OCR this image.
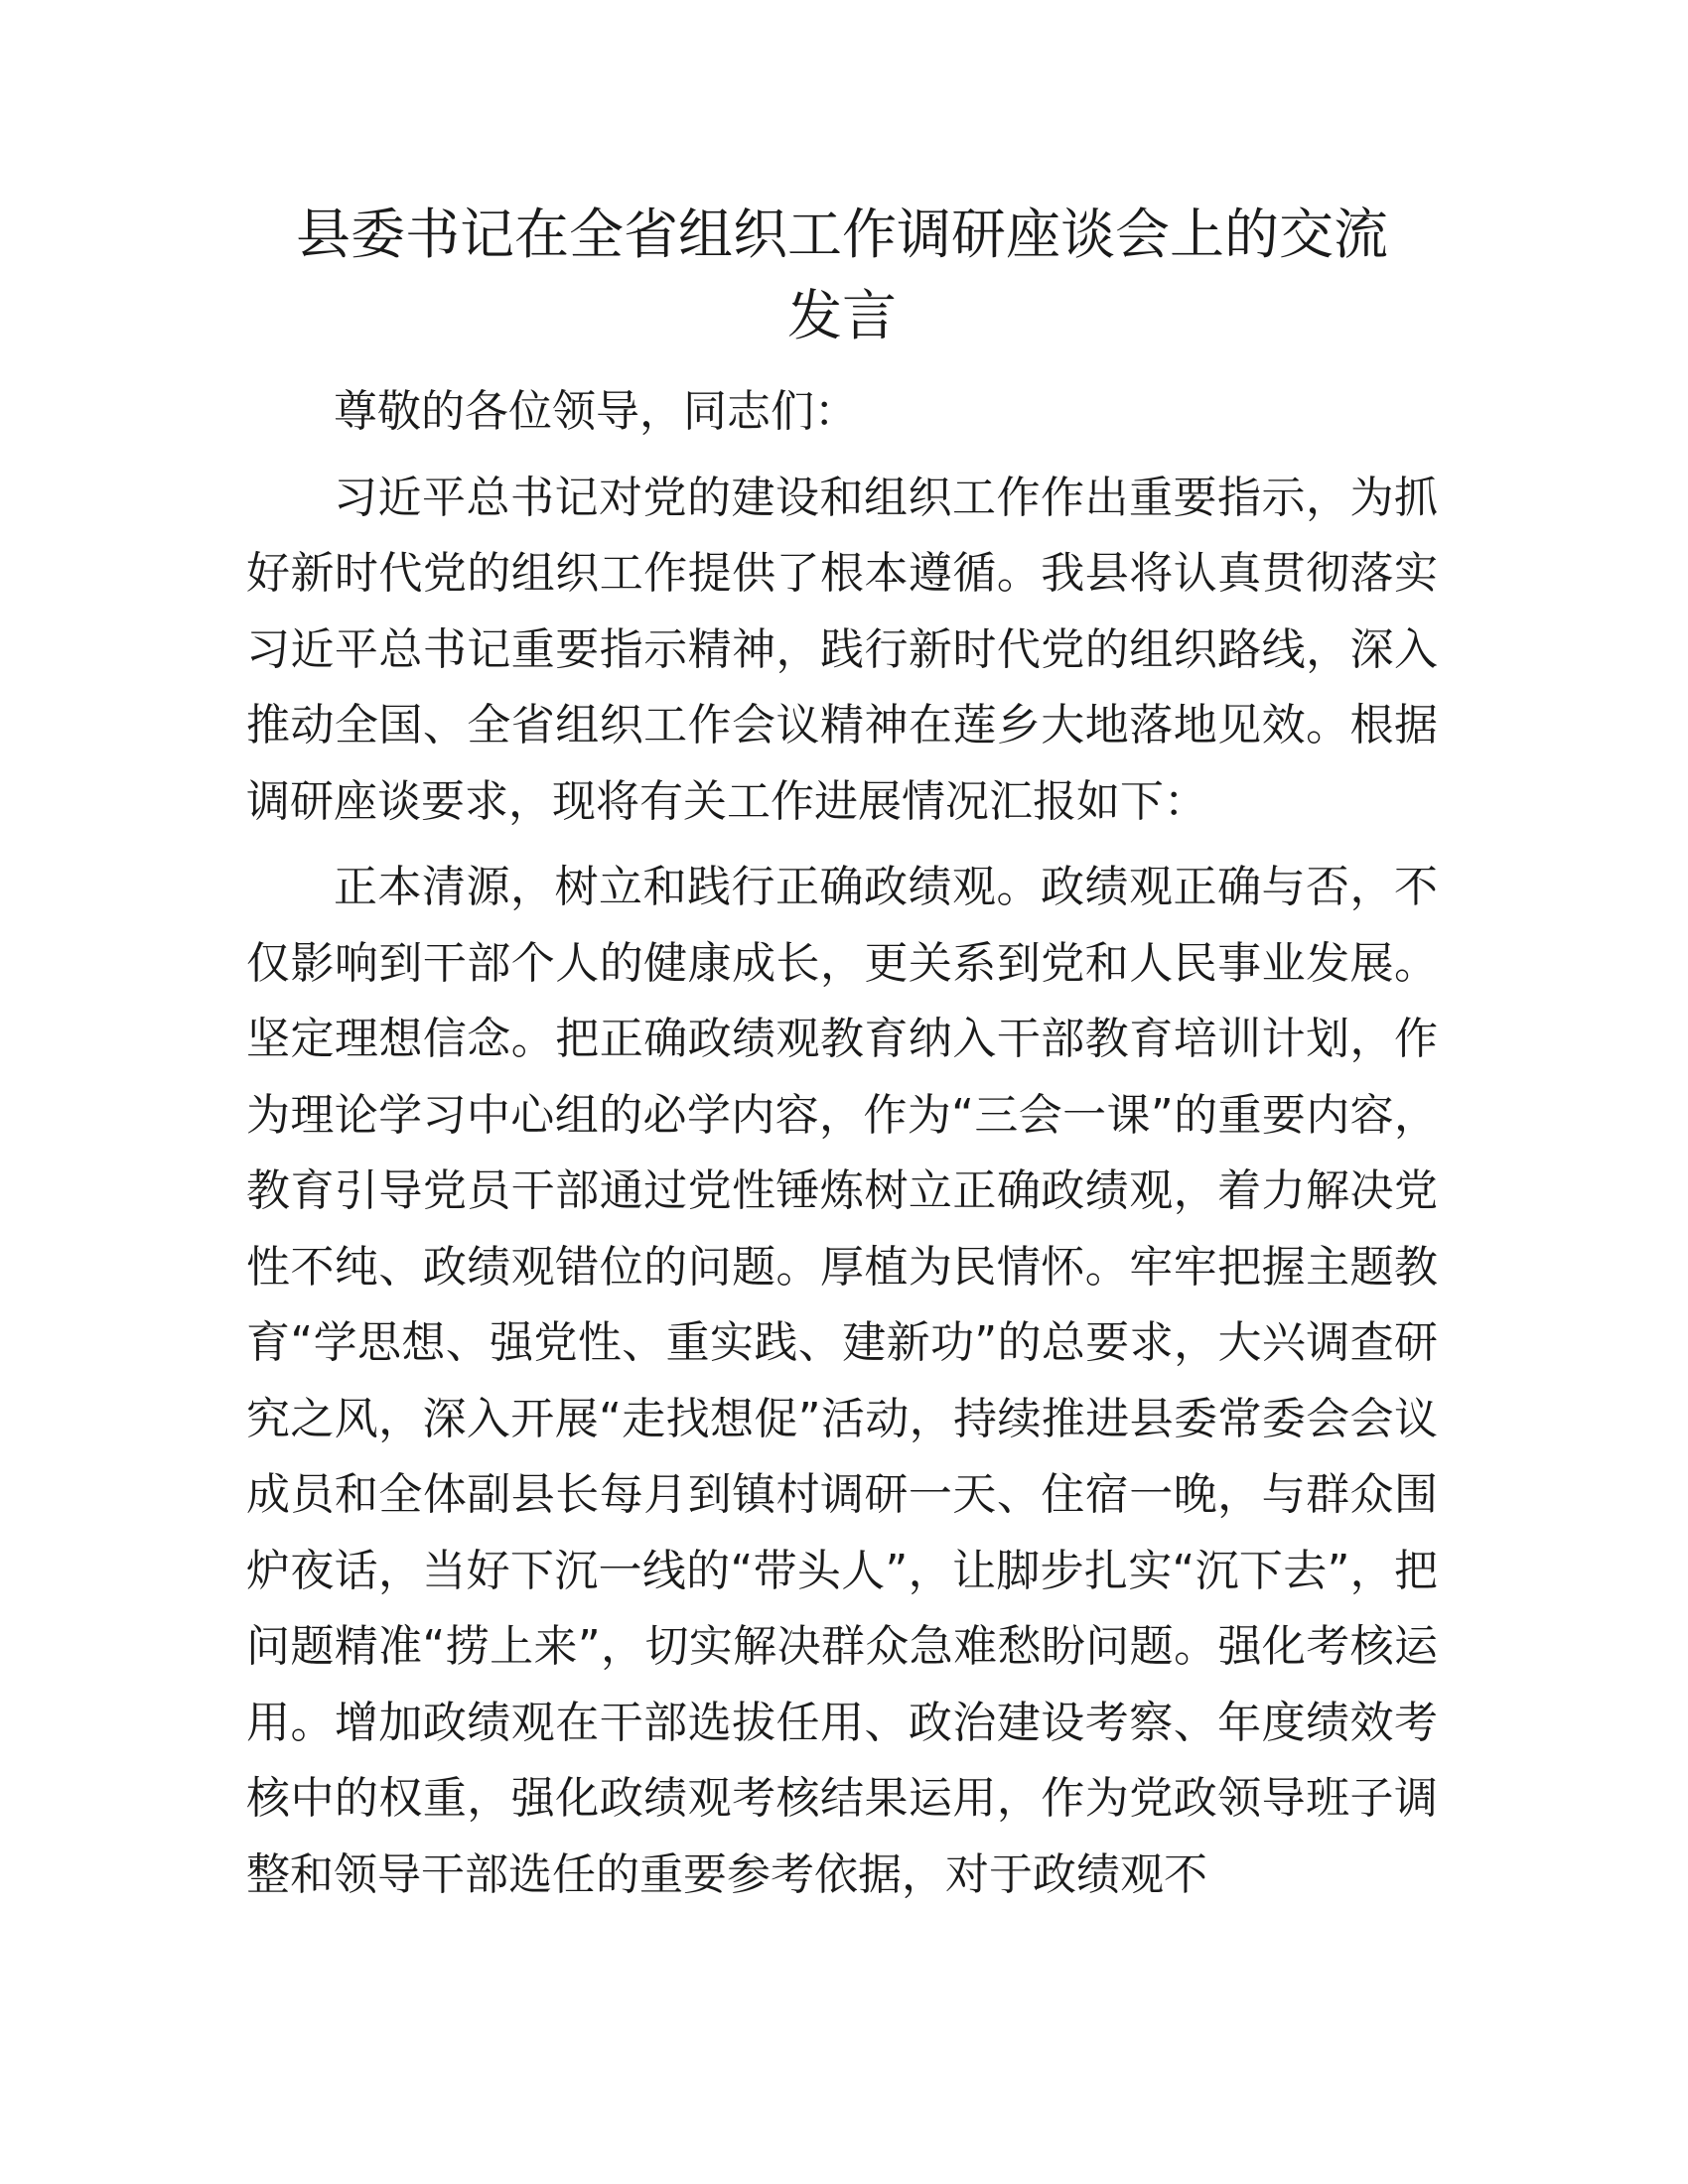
县委书记在全省组织工作调研座谈会上的交流
发言

尊敬的各位领导，同志们：

习近平总书记对党的建设和组织工作作出重要指示，为抓好新时代党的组织工作提供了根本遵循。我县将认真贯彻落实习近平总书记重要指示精神，践行新时代党的组织路线，深入推动全国、全省组织工作会议精神在莲乡大地落地见效。根据调研座谈要求，现将有关工作进展情况汇报如下：

正本清源，树立和践行正确政绩观。政绩观正确与否，不仅影响到干部个人的健康成长，更关系到党和人民事业发展。坚定理想信念。把正确政绩观教育纳入干部教育培训计划，作为理论学习中心组的必学内容，作为“三会一课”的重要内容，教育引导党员干部通过党性锤炼树立正确政绩观，着力解决党性不纯、政绩观错位的问题。厚植为民情怀。牢牢把握主题教育“学思想、强党性、重实践、建新功”的总要求，大兴调查研究之风，深入开展“走找想促”活动，持续推进县委常委会会议成员和全体副县长每月到镇村调研一天、住宿一晚，与群众围炉夜话，当好下沉一线的“带头人”，让脚步扎实“沉下去”，把问题精准“捞上来”，切实解决群众急难愁盼问题。强化考核运用。增加政绩观在干部选拔任用、政治建设考察、年度绩效考核中的权重，强化政绩观考核结果运用，作为党政领导班子调整和领导干部选任的重要参考依据，对于政绩观不
